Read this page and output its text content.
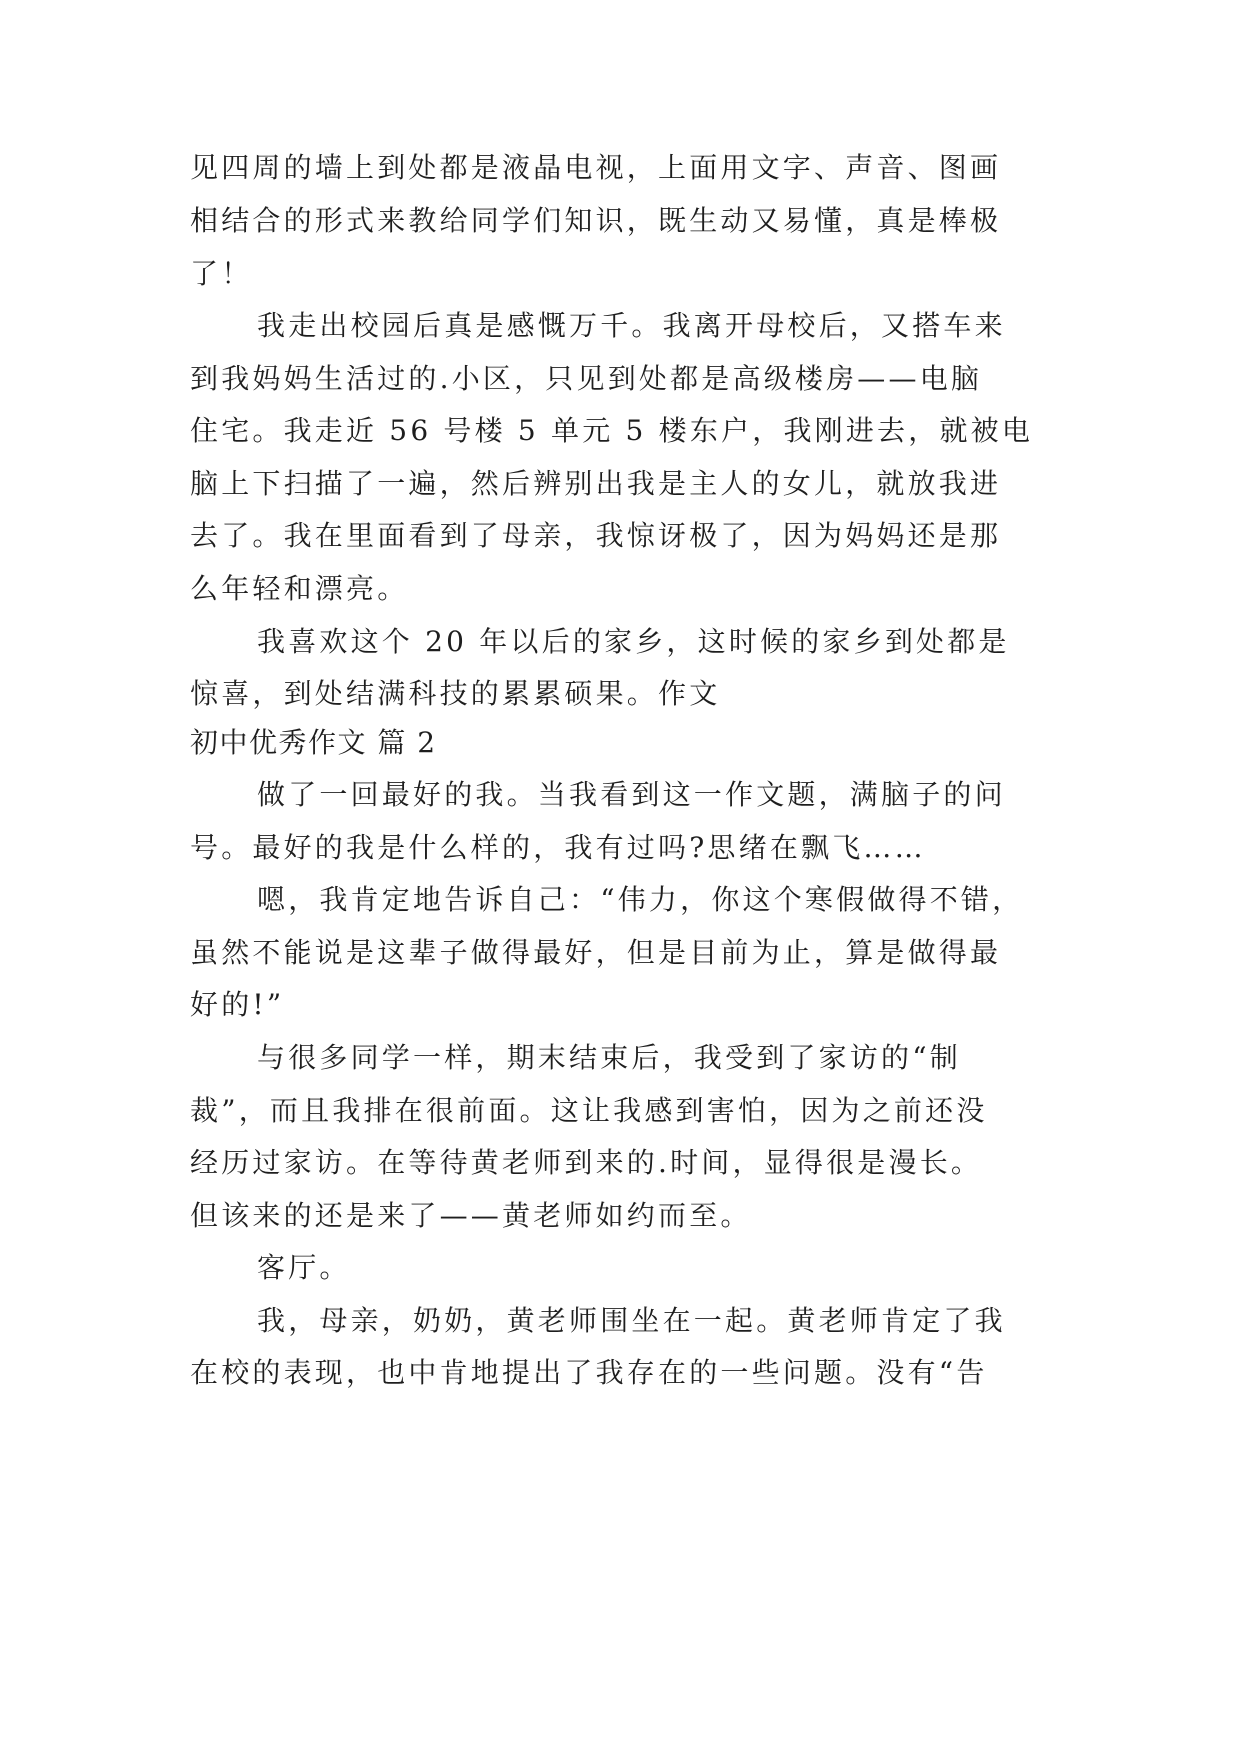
见四周的墙上到处都是液晶电视，上面用文字、声音、图画
相结合的形式来教给同学们知识，既生动又易懂，真是棒极
了！
我走出校园后真是感慨万千。我离开母校后，又搭车来
到我妈妈生活过的.小区，只见到处都是高级楼房——电脑
住宅。我走近 56 号楼 5 单元 5 楼东户，我刚进去，就被电
脑上下扫描了一遍，然后辨别出我是主人的女儿，就放我进
去了。我在里面看到了母亲，我惊讶极了，因为妈妈还是那
么年轻和漂亮。
我喜欢这个 20 年以后的家乡，这时候的家乡到处都是
惊喜，到处结满科技的累累硕果。作文
初中优秀作文 篇 2
做了一回最好的我。当我看到这一作文题，满脑子的问
号。最好的我是什么样的，我有过吗?思绪在飘飞……
嗯，我肯定地告诉自己：“伟力，你这个寒假做得不错，
虽然不能说是这辈子做得最好，但是目前为止，算是做得最
好的!”
与很多同学一样，期末结束后，我受到了家访的“制
裁”，而且我排在很前面。这让我感到害怕，因为之前还没
经历过家访。在等待黄老师到来的.时间，显得很是漫长。
但该来的还是来了——黄老师如约而至。
客厅。
我，母亲，奶奶，黄老师围坐在一起。黄老师肯定了我
在校的表现，也中肯地提出了我存在的一些问题。没有“告
